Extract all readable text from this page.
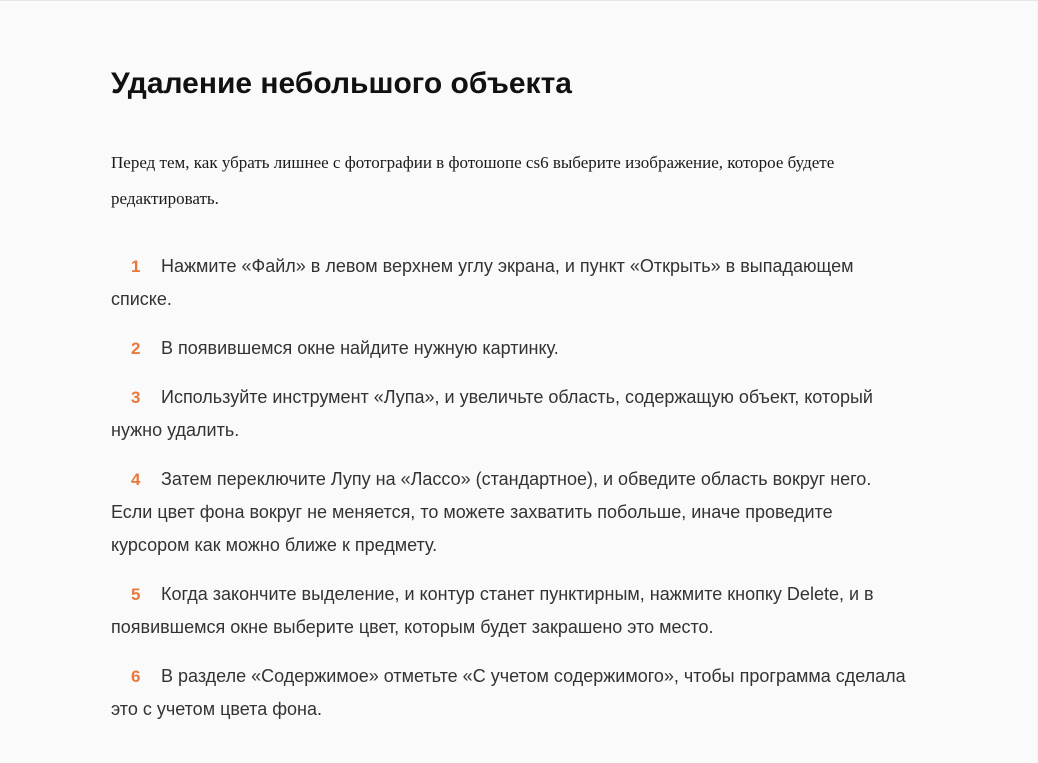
Удаление небольшого объекта

Перед тем, как убрать лишнее с фотографии в фотошопе cs6 выберите изображение, которое будете редактировать.

1 Нажмите «Файл» в левом верхнем углу экрана, и пункт «Открыть» в выпадающем списке.
2 В появившемся окне найдите нужную картинку.
3 Используйте инструмент «Лупа», и увеличьте область, содержащую объект, который нужно удалить.
4 Затем переключите Лупу на «Лассо» (стандартное), и обведите область вокруг него. Если цвет фона вокруг не меняется, то можете захватить побольше, иначе проведите курсором как можно ближе к предмету.
5 Когда закончите выделение, и контур станет пунктирным, нажмите кнопку Delete, и в появившемся окне выберите цвет, которым будет закрашено это место.
6 В разделе «Содержимое» отметьте «С учетом содержимого», чтобы программа сделала это с учетом цвета фона.
